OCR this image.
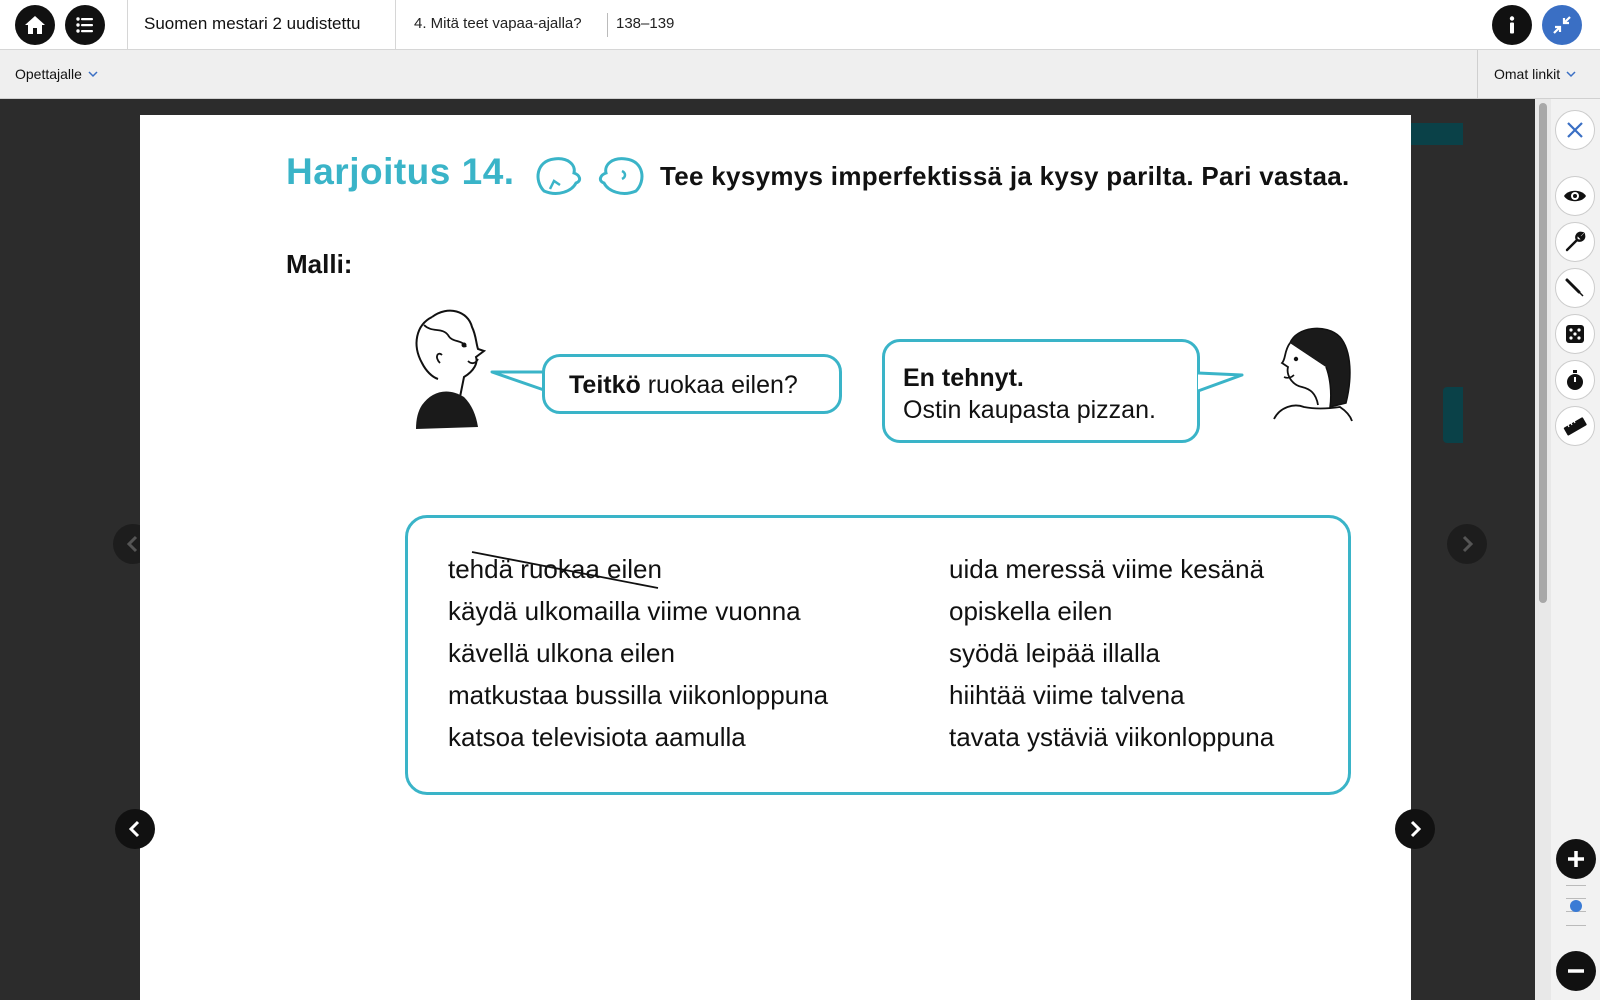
Suomen mestari 2 uudistettu	4. Mitä teet vapaa-ajalla? 138–139
Opettajalle	Omat linkit
Harjoitus 14.	Tee kysymys imperfektissä ja kysy parilta. Pari vastaa.
Malli:
Teitkö ruokaa eilen?	En tehnyt.
Ostin kaupasta pizzan.
tehdä ruokaa eilen
käydä ulkomailla viime vuonna
kävellä ulkona eilen
matkustaa bussilla viikonloppuna
katsoa televisiota aamulla
uida meressä viime kesänä
opiskella eilen
syödä leipää illalla
hiihtää viime talvena
tavata ystäviä viikonloppuna
